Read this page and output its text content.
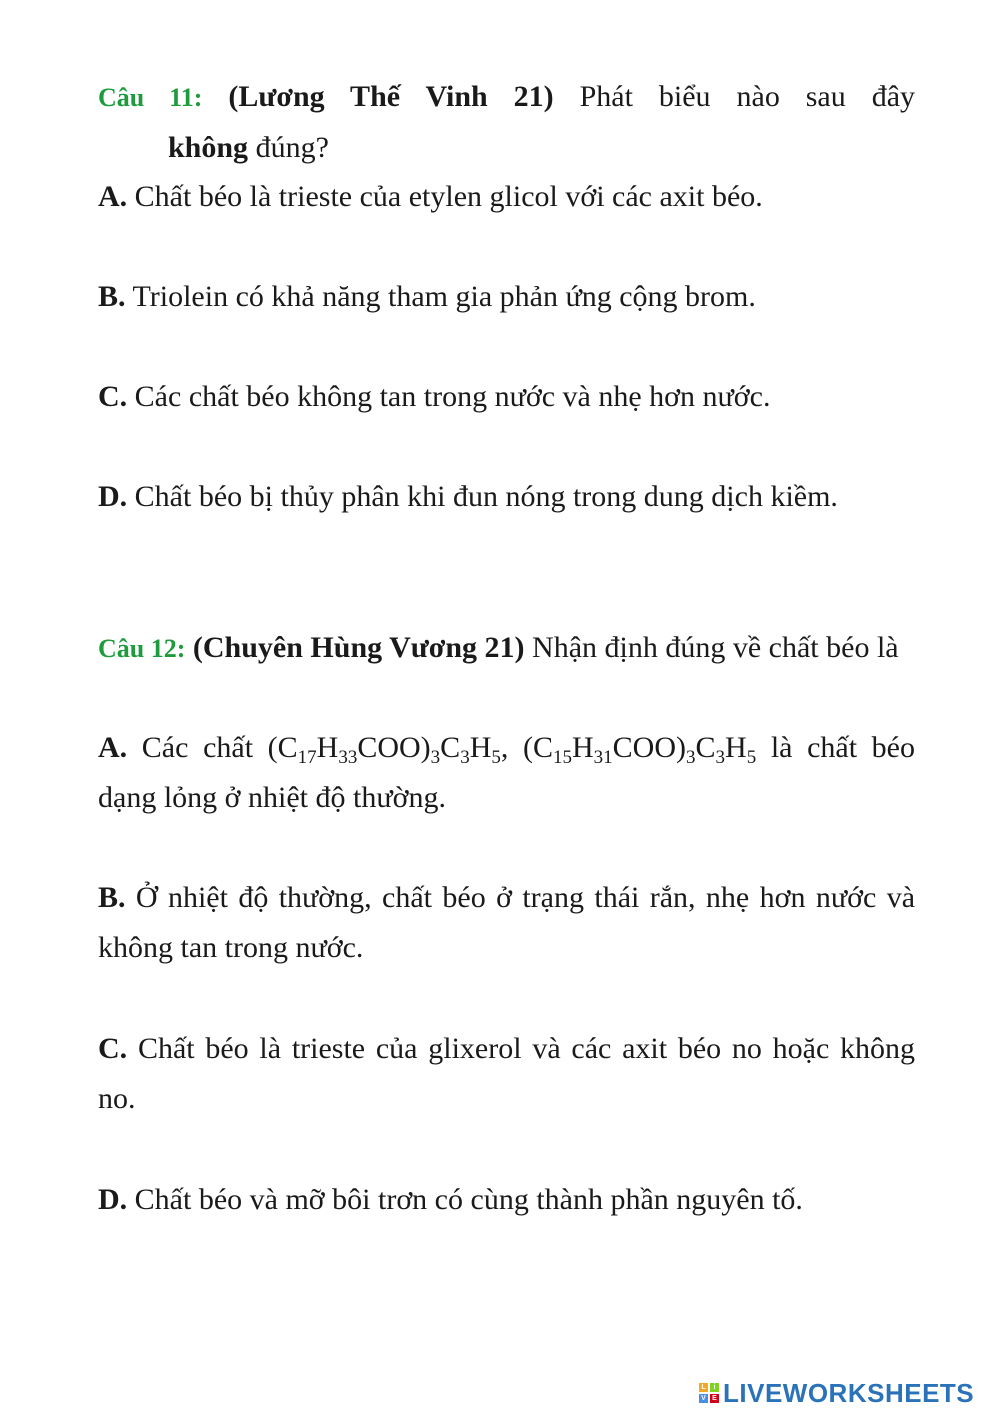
Câu 11: (Lương Thế Vinh 21) Phát biểu nào sau đây
không đúng?

A. Chất béo là trieste của etylen glicol với các axit béo.

B. Triolein có khả năng tham gia phản ứng cộng brom.

C. Các chất béo không tan trong nước và nhẹ hơn nước.

D. Chất béo bị thủy phân khi đun nóng trong dung dịch kiềm.

Câu 12: (Chuyên Hùng Vương 21) Nhận định đúng về chất béo là

A. Các chất $(C_{17}H_{33}COO)_3C_3H_5$, $(C_{15}H_{31}COO)_3C_3H_5$ là chất béo dạng lỏng ở nhiệt độ thường.

B. Ở nhiệt độ thường, chất béo ở trạng thái rắn, nhẹ hơn nước và không tan trong nước.

C. Chất béo là trieste của glixerol và các axit béo no hoặc không no.

D. Chất béo và mỡ bôi trơn có cùng thành phần nguyên tố.

L	i
V E LIVEWORKSHEETS
